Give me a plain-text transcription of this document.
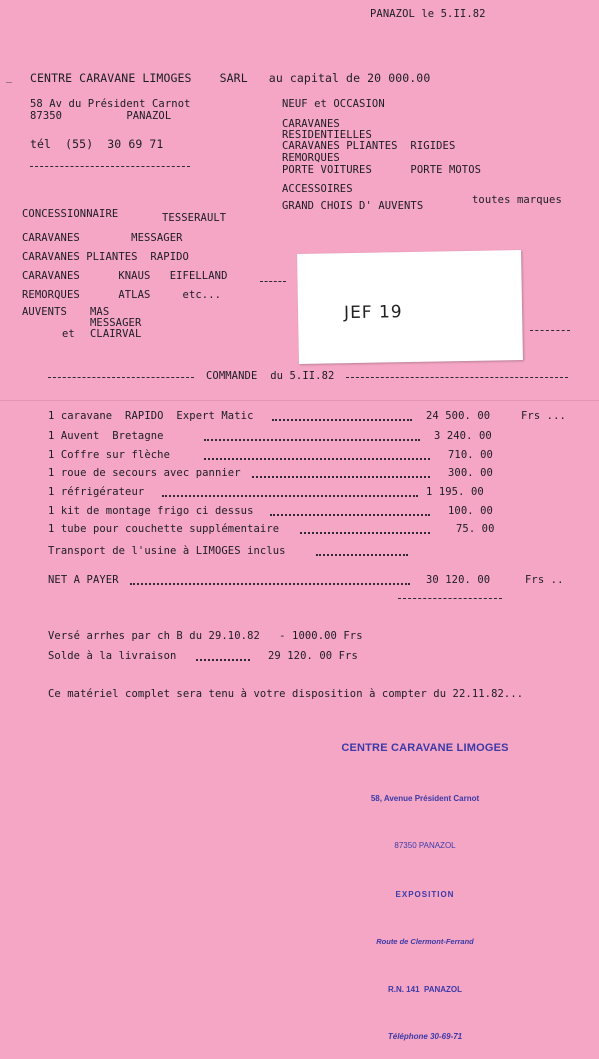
PANAZOL le 5.II.82
_ CENTRE CARAVANE LIMOGES    SARL   au capital de 20 000.00
58 Av du Président Carnot
87350          PANAZOL
tél  (55)  30 69 71
NEUF et OCCASION
CARAVANES
RESIDENTIELLES
CARAVANES PLIANTES  RIGIDES
REMORQUES
PORTE VOITURES      PORTE MOTOS
ACCESSOIRES
GRAND CHOIS D' AUVENTS	toutes marques
CONCESSIONNAIRE	TESSERAULT
CARAVANES        MESSAGER
CARAVANES PLIANTES  RAPIDO
CARAVANES      KNAUS   EIFELLAND
REMORQUES      ATLAS     etc...
AUVENTS MAS
MESSAGER
et CLAIRVAL
JEF 19
COMMANDE  du 5.II.82
1 caravane  RAPIDO  Expert Matic	24 500. 00	Frs ...
1 Auvent  Bretagne	3 240. 00
1 Coffre sur flèche	710. 00
1 roue de secours avec pannier	300. 00
1 réfrigérateur	1 195. 00
1 kit de montage frigo ci dessus	100. 00
1 tube pour couchette supplémentaire	75. 00
Transport de l'usine à LIMOGES inclus
NET A PAYER	30 120. 00	Frs ..
Versé arrhes par ch B du 29.10.82   - 1000.00 Frs
Solde à la livraison	29 120. 00 Frs
Ce matériel complet sera tenu à votre disposition à compter du 22.11.82...

CENTRE CARAVANE LIMOGES

58, Avenue Président Carnot

87350 PANAZOL

EXPOSITION

Route de Clermont-Ferrand

R.N. 141  PANAZOL

Téléphone 30-69-71
